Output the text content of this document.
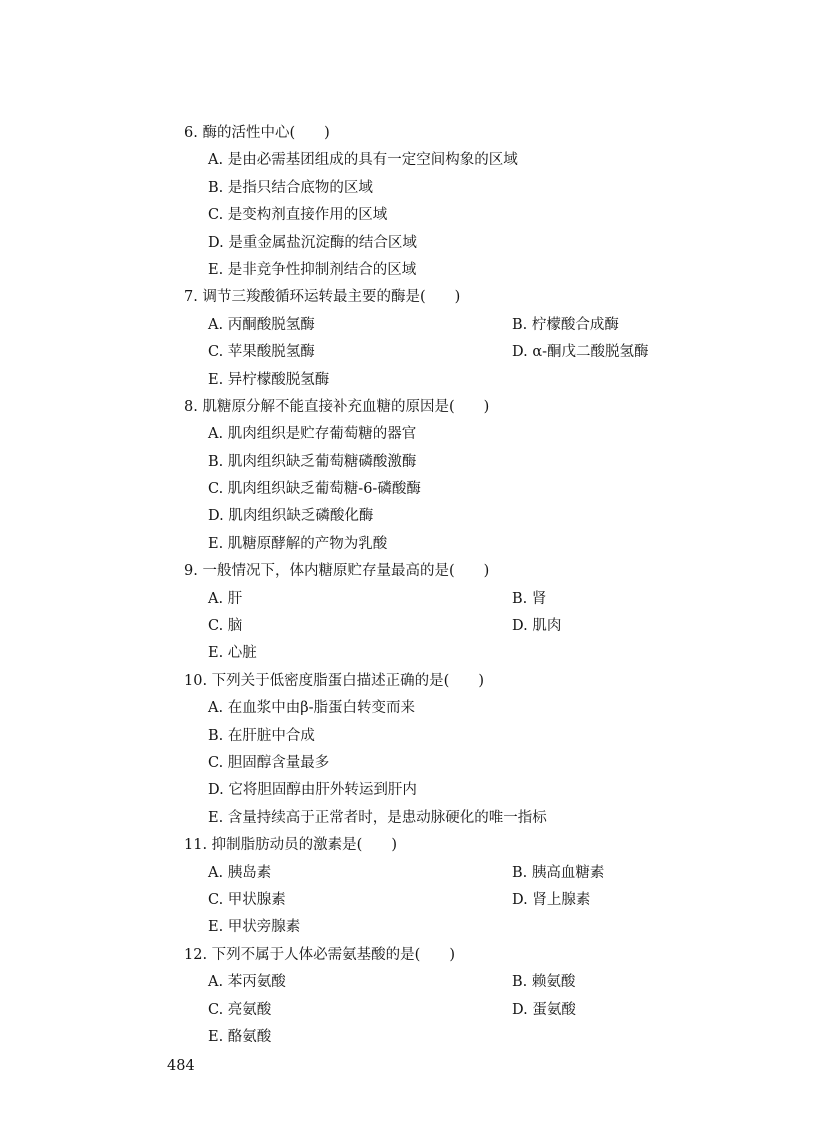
6. 酶的活性中心(　　)
A. 是由必需基团组成的具有一定空间构象的区域
B. 是指只结合底物的区域
C. 是变构剂直接作用的区域
D. 是重金属盐沉淀酶的结合区域
E. 是非竞争性抑制剂结合的区域
7. 调节三羧酸循环运转最主要的酶是(　　)
A. 丙酮酸脱氢酶	B. 柠檬酸合成酶
C. 苹果酸脱氢酶	D. α-酮戊二酸脱氢酶
E. 异柠檬酸脱氢酶
8. 肌糖原分解不能直接补充血糖的原因是(　　)
A. 肌肉组织是贮存葡萄糖的器官
B. 肌肉组织缺乏葡萄糖磷酸激酶
C. 肌肉组织缺乏葡萄糖-6-磷酸酶
D. 肌肉组织缺乏磷酸化酶
E. 肌糖原酵解的产物为乳酸
9. 一般情况下，体内糖原贮存量最高的是(　　)
A. 肝	B. 肾
C. 脑	D. 肌肉
E. 心脏
10. 下列关于低密度脂蛋白描述正确的是(　　)
A. 在血浆中由β-脂蛋白转变而来
B. 在肝脏中合成
C. 胆固醇含量最多
D. 它将胆固醇由肝外转运到肝内
E. 含量持续高于正常者时，是患动脉硬化的唯一指标
11. 抑制脂肪动员的激素是(　　)
A. 胰岛素	B. 胰高血糖素
C. 甲状腺素	D. 肾上腺素
E. 甲状旁腺素
12. 下列不属于人体必需氨基酸的是(　　)
A. 苯丙氨酸	B. 赖氨酸
C. 亮氨酸	D. 蛋氨酸
E. 酪氨酸
484
